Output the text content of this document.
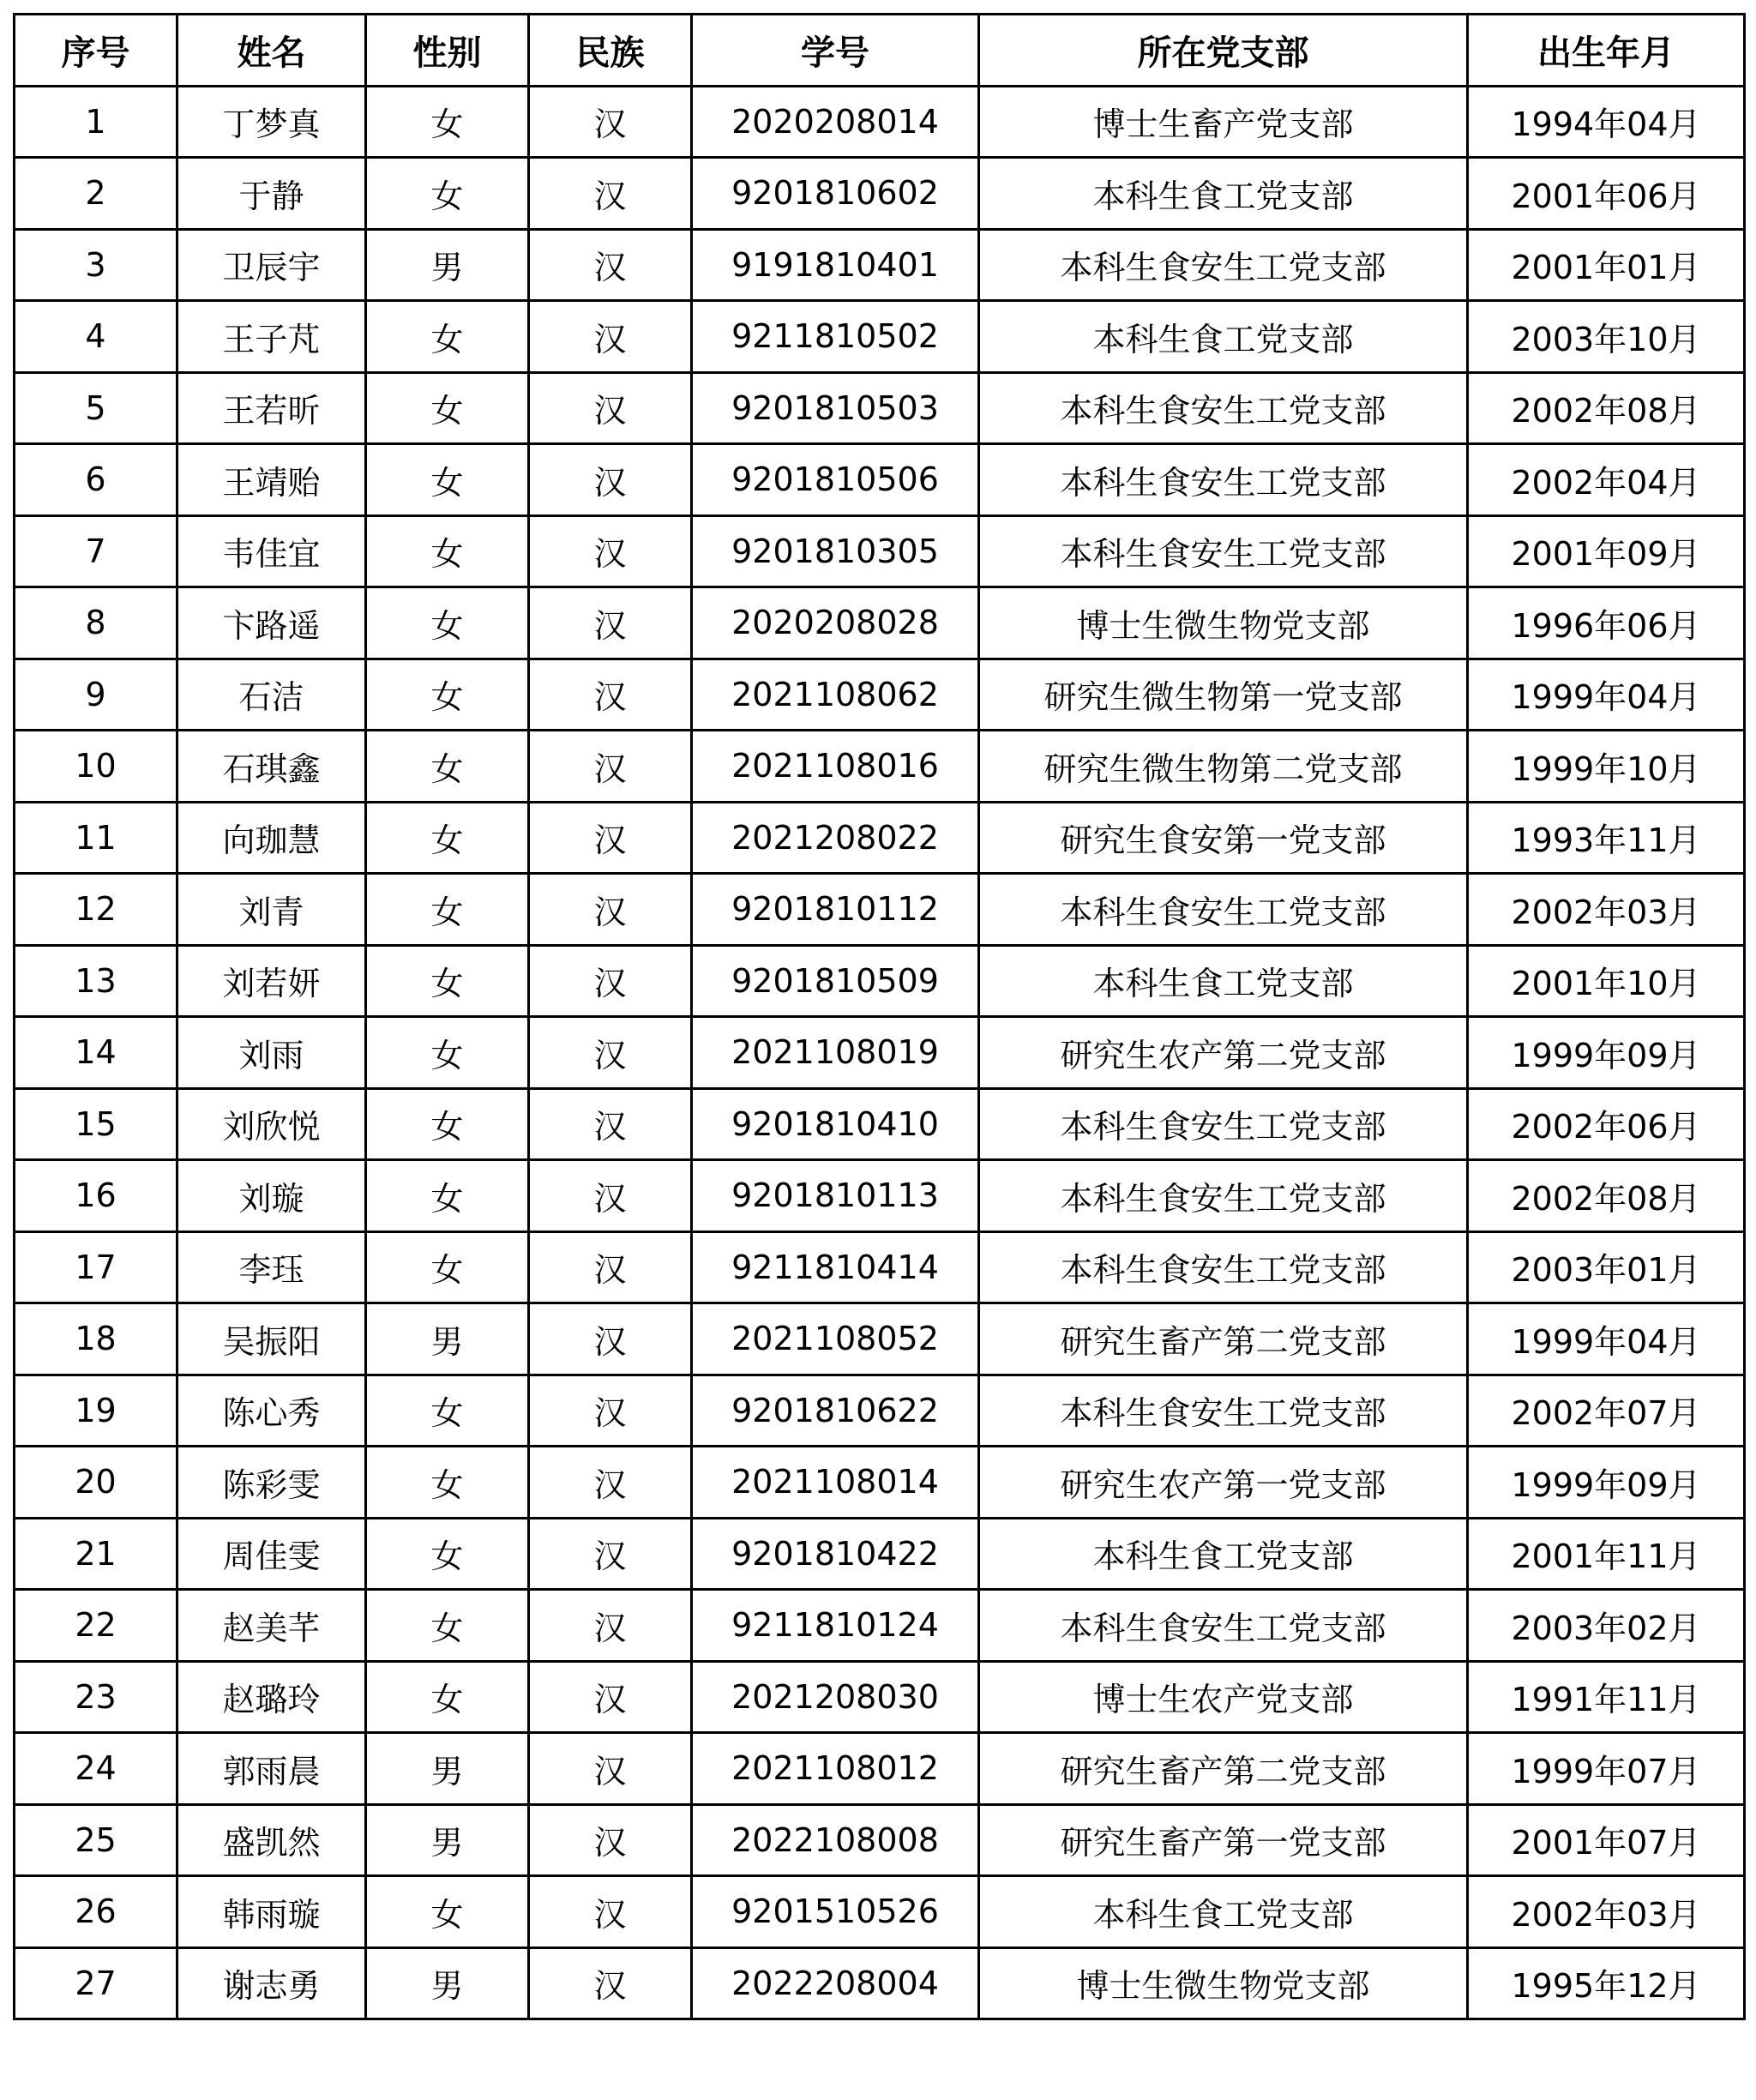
序号	姓名	性别	民族	学号	所在党支部	出生年月
1	丁梦真	女	汉	2020208014	博士生畜产党支部	1994年04月
2	于静	女	汉	9201810602	本科生食工党支部	2001年06月
3	卫辰宇	男	汉	9191810401	本科生食安生工党支部	2001年01月
4	王子芃	女	汉	9211810502	本科生食工党支部	2003年10月
5	王若昕	女	汉	9201810503	本科生食安生工党支部	2002年08月
6	王靖贻	女	汉	9201810506	本科生食安生工党支部	2002年04月
7	韦佳宜	女	汉	9201810305	本科生食安生工党支部	2001年09月
8	卞路遥	女	汉	2020208028	博士生微生物党支部	1996年06月
9	石洁	女	汉	2021108062	研究生微生物第一党支部	1999年04月
10	石琪鑫	女	汉	2021108016	研究生微生物第二党支部	1999年10月
11	向珈慧	女	汉	2021208022	研究生食安第一党支部	1993年11月
12	刘青	女	汉	9201810112	本科生食安生工党支部	2002年03月
13	刘若妍	女	汉	9201810509	本科生食工党支部	2001年10月
14	刘雨	女	汉	2021108019	研究生农产第二党支部	1999年09月
15	刘欣悦	女	汉	9201810410	本科生食安生工党支部	2002年06月
16	刘璇	女	汉	9201810113	本科生食安生工党支部	2002年08月
17	李珏	女	汉	9211810414	本科生食安生工党支部	2003年01月
18	吴振阳	男	汉	2021108052	研究生畜产第二党支部	1999年04月
19	陈心秀	女	汉	9201810622	本科生食安生工党支部	2002年07月
20	陈彩雯	女	汉	2021108014	研究生农产第一党支部	1999年09月
21	周佳雯	女	汉	9201810422	本科生食工党支部	2001年11月
22	赵美芊	女	汉	9211810124	本科生食安生工党支部	2003年02月
23	赵璐玲	女	汉	2021208030	博士生农产党支部	1991年11月
24	郭雨晨	男	汉	2021108012	研究生畜产第二党支部	1999年07月
25	盛凯然	男	汉	2022108008	研究生畜产第一党支部	2001年07月
26	韩雨璇	女	汉	9201510526	本科生食工党支部	2002年03月
27	谢志勇	男	汉	2022208004	博士生微生物党支部	1995年12月
